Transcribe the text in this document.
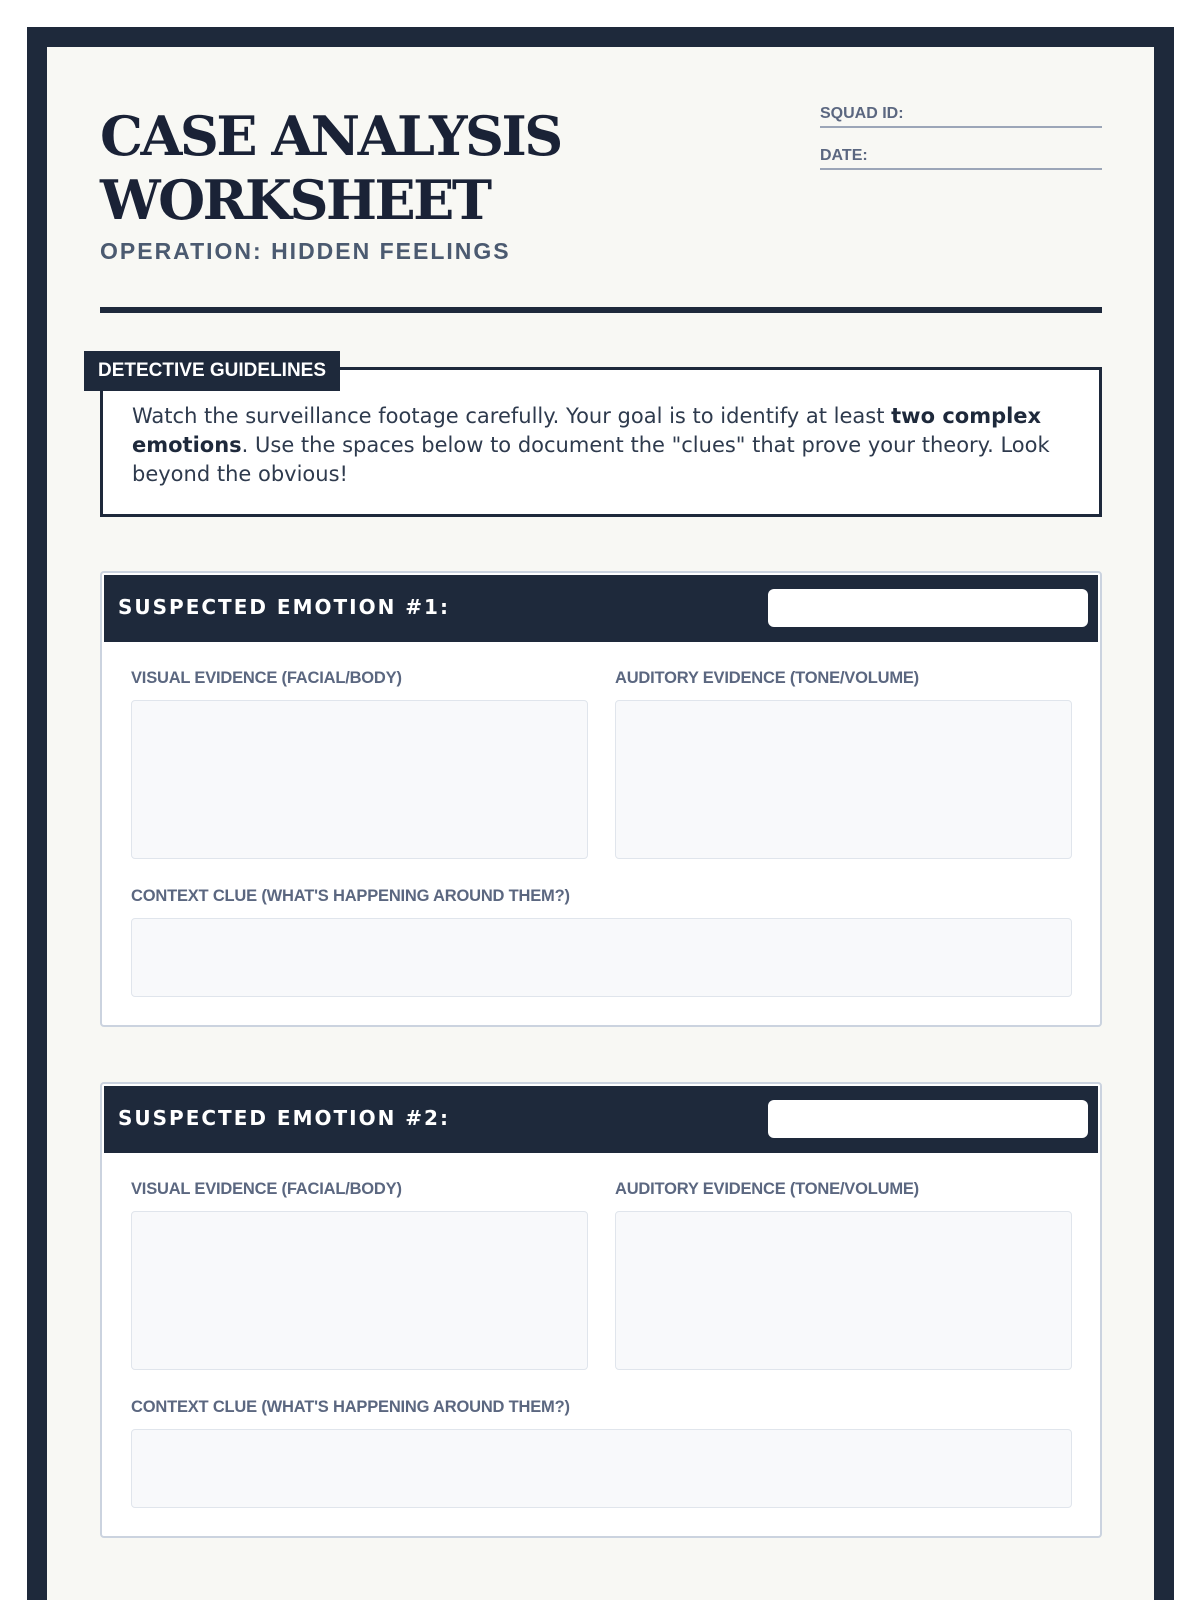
CASE ANALYSIS
WORKSHEET
OPERATION: HIDDEN FEELINGS
SQUAD ID:
DATE:

Watch the surveillance footage carefully. Your goal is to identify at least two complex emotions. Use the spaces below to document the "clues" that prove your theory. Look beyond the obvious!

DETECTIVE GUIDELINES
SUSPECTED EMOTION #1:
VISUAL EVIDENCE (FACIAL/BODY)	AUDITORY EVIDENCE (TONE/VOLUME)
CONTEXT CLUE (WHAT'S HAPPENING AROUND THEM?)
SUSPECTED EMOTION #2:
VISUAL EVIDENCE (FACIAL/BODY)	AUDITORY EVIDENCE (TONE/VOLUME)
CONTEXT CLUE (WHAT'S HAPPENING AROUND THEM?)
